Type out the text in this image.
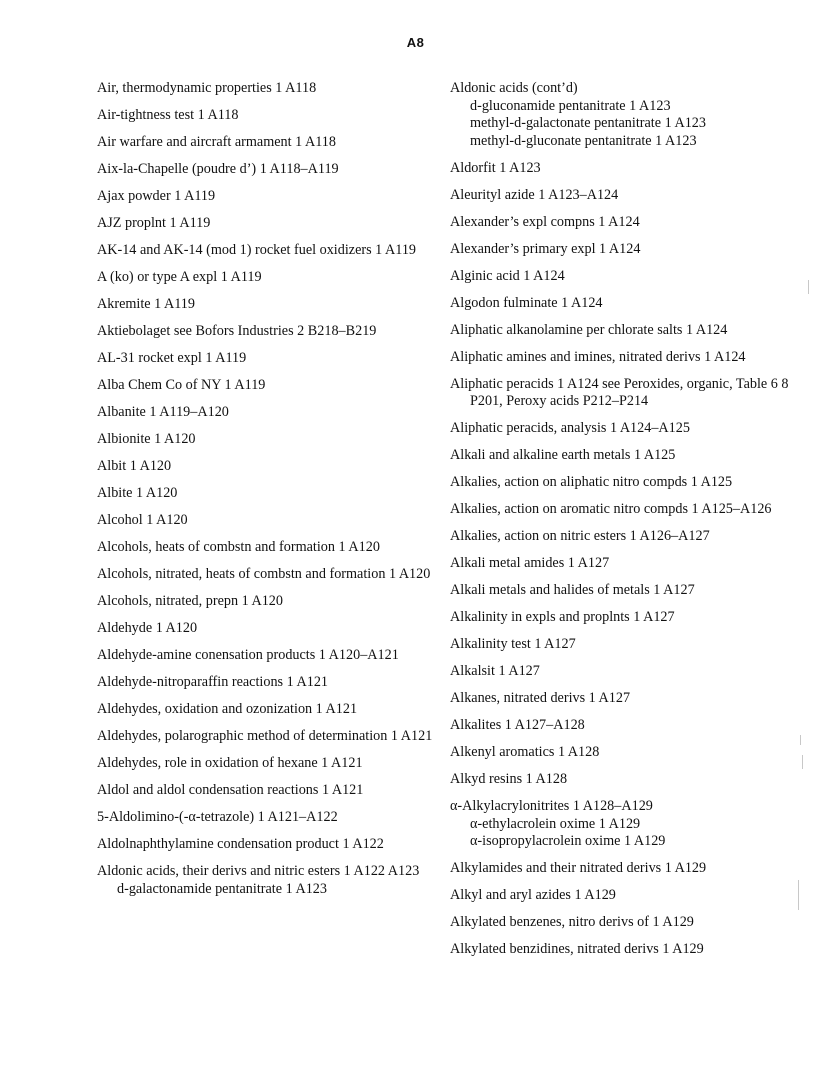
A8
Air, thermodynamic properties 1 A118
Air-tightness test 1 A118
Air warfare and aircraft armament 1 A118
Aix-la-Chapelle (poudre d’) 1 A118–A119
Ajax powder 1 A119
AJZ proplnt 1 A119
AK-14 and AK-14 (mod 1) rocket fuel oxidizers 1 A119
A (ko) or type A expl 1 A119
Akremite 1 A119
Aktiebolaget see Bofors Industries 2 B218–B219
AL-31 rocket expl 1 A119
Alba Chem Co of NY 1 A119
Albanite 1 A119–A120
Albionite 1 A120
Albit 1 A120
Albite 1 A120
Alcohol 1 A120
Alcohols, heats of combstn and formation 1 A120
Alcohols, nitrated, heats of combstn and formation 1 A120
Alcohols, nitrated, prepn 1 A120
Aldehyde 1 A120
Aldehyde-amine conensation products 1 A120–A121
Aldehyde-nitroparaffin reactions 1 A121
Aldehydes, oxidation and ozonization 1 A121
Aldehydes, polarographic method of determination 1 A121
Aldehydes, role in oxidation of hexane 1 A121
Aldol and aldol condensation reactions 1 A121
5-Aldolimino-(-α-tetrazole) 1 A121–A122
Aldolnaphthylamine condensation product 1 A122
Aldonic acids, their derivs and nitric esters 1 A122 A123
d-galactonamide pentanitrate 1 A123
Aldonic acids (cont’d)
d-gluconamide pentanitrate 1 A123
methyl-d-galactonate pentanitrate 1 A123
methyl-d-gluconate pentanitrate 1 A123
Aldorfit 1 A123
Aleurityl azide 1 A123–A124
Alexander’s expl compns 1 A124
Alexander’s primary expl 1 A124
Alginic acid 1 A124
Algodon fulminate 1 A124
Aliphatic alkanolamine per chlorate salts 1 A124
Aliphatic amines and imines, nitrated derivs 1 A124
Aliphatic peracids 1 A124 see Peroxides, organic, Table 6 8 P201, Peroxy acids P212–P214
Aliphatic peracids, analysis 1 A124–A125
Alkali and alkaline earth metals 1 A125
Alkalies, action on aliphatic nitro compds 1 A125
Alkalies, action on aromatic nitro compds 1 A125–A126
Alkalies, action on nitric esters 1 A126–A127
Alkali metal amides 1 A127
Alkali metals and halides of metals 1 A127
Alkalinity in expls and proplnts 1 A127
Alkalinity test 1 A127
Alkalsit 1 A127
Alkanes, nitrated derivs 1 A127
Alkalites 1 A127–A128
Alkenyl aromatics 1 A128
Alkyd resins 1 A128
α-Alkylacrylonitrites 1 A128–A129
α-ethylacrolein oxime 1 A129
α-isopropylacrolein oxime 1 A129
Alkylamides and their nitrated derivs 1 A129
Alkyl and aryl azides 1 A129
Alkylated benzenes, nitro derivs of 1 A129
Alkylated benzidines, nitrated derivs 1 A129
